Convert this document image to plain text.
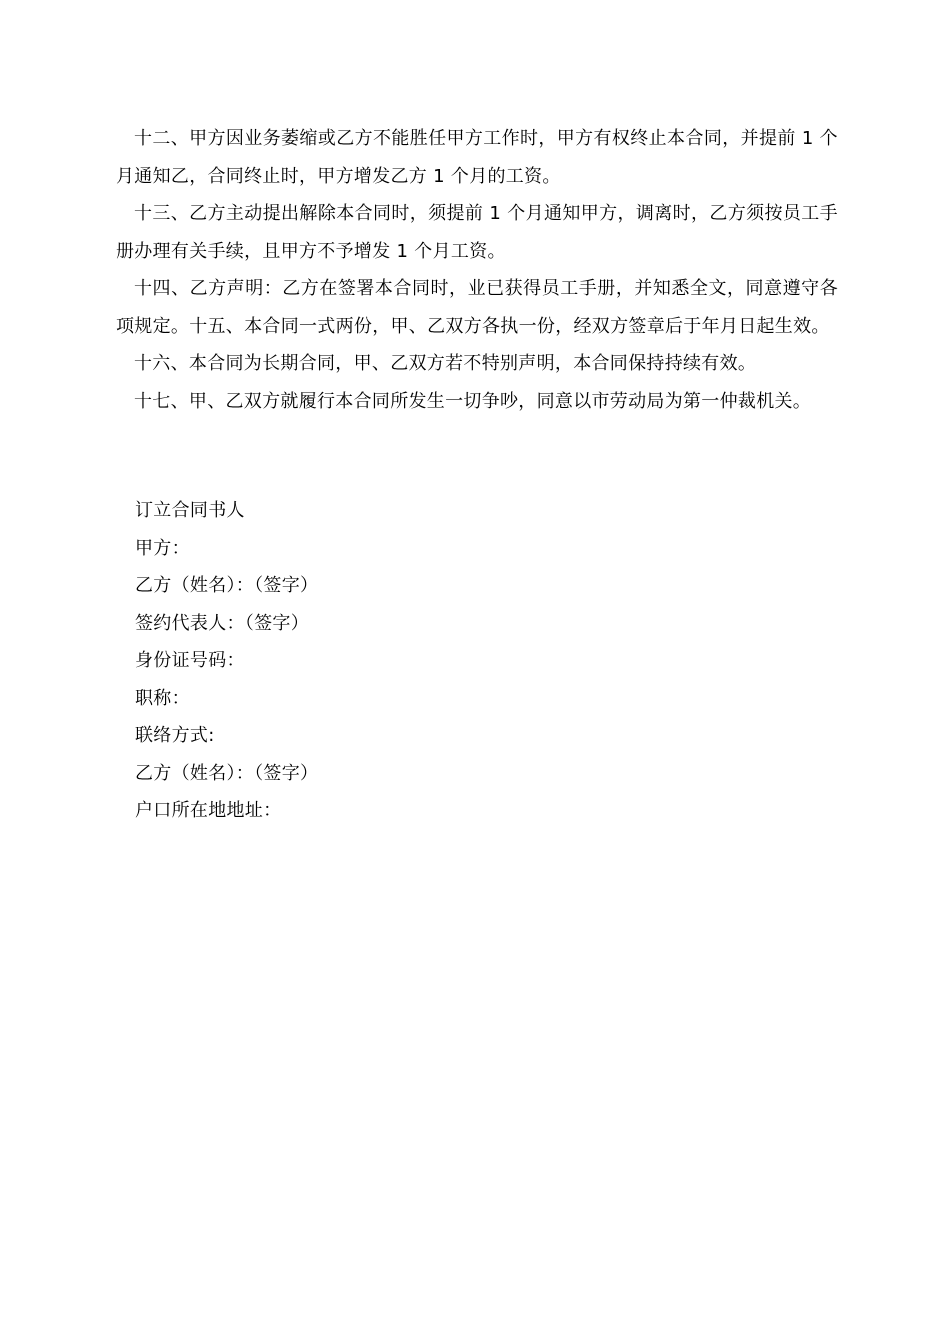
十二、甲方因业务萎缩或乙方不能胜任甲方工作时，甲方有权终止本合同，并提前 1 个月通知乙，合同终止时，甲方增发乙方 1 个月的工资。

十三、乙方主动提出解除本合同时，须提前 1 个月通知甲方，调离时，乙方须按员工手册办理有关手续，且甲方不予增发 1 个月工资。

十四、乙方声明：乙方在签署本合同时，业已获得员工手册，并知悉全文，同意遵守各项规定。十五、本合同一式两份，甲、乙双方各执一份，经双方签章后于年月日起生效。

十六、本合同为长期合同，甲、乙双方若不特别声明，本合同保持持续有效。

十七、甲、乙双方就履行本合同所发生一切争吵，同意以市劳动局为第一仲裁机关。

订立合同书人

甲方：

乙方（姓名）：（签字）

签约代表人：（签字）

身份证号码：

职称：

联络方式:

乙方（姓名）：（签字）

户口所在地地址：
